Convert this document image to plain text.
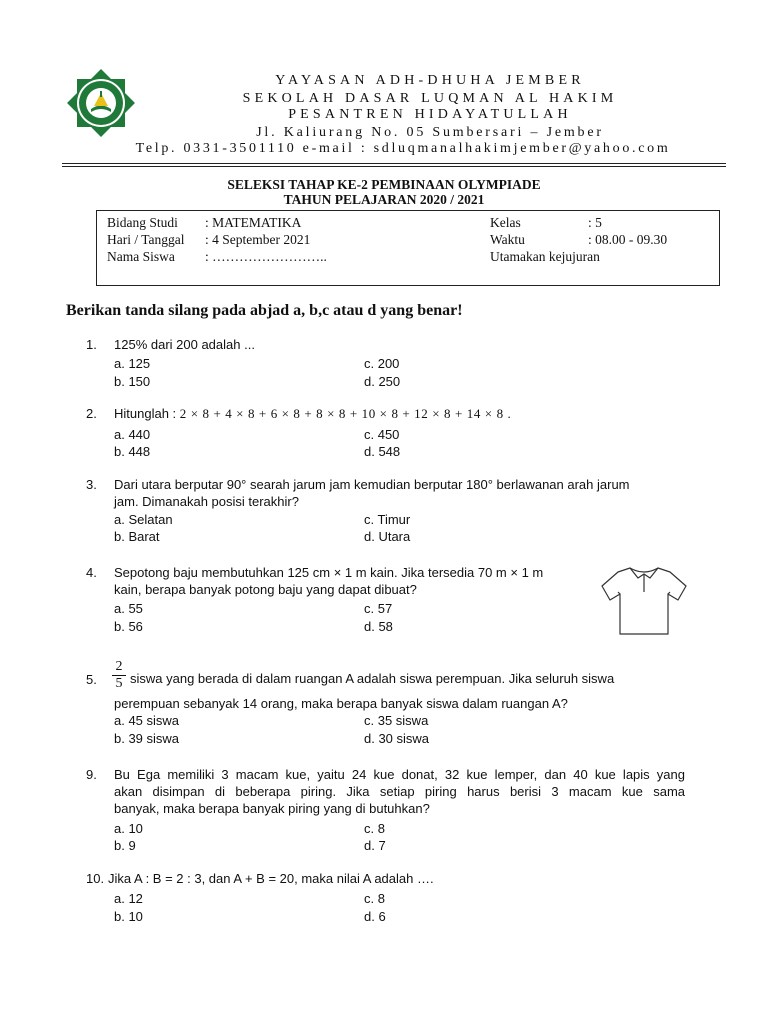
YAYASAN ADH-DHUHA JEMBER
SEKOLAH DASAR LUQMAN AL HAKIM
PESANTREN HIDAYATULLAH
Jl. Kaliurang No. 05 Sumbersari – Jember
Telp. 0331-3501110 e-mail : sdluqmanalhakimjember@yahoo.com
SELEKSI TAHAP KE-2 PEMBINAAN OLYMPIADE
TAHUN PELAJARAN 2020 / 2021
Bidang Studi : MATEMATIKA
Hari / Tanggal : 4 September 2021
Nama Siswa : ……………………..
Kelas	: 5
Waktu	: 08.00 - 09.30
Utamakan kejujuran
Berikan tanda silang pada abjad a, b,c atau d yang benar!
1. 125% dari 200 adalah ...
a. 125
b. 150
c. 200
d. 250
2. Hitunglah : 2 × 8 + 4 × 8 + 6 × 8 + 8 × 8 + 10 × 8 + 12 × 8 + 14 × 8 .
a. 440
b. 448
c. 450
d. 548
3. Dari utara berputar 90° searah jarum jam kemudian berputar 180° berlawanan arah jarum
jam. Dimanakah posisi terakhir?
a. Selatan
b. Barat
c. Timur
d. Utara
4. Sepotong baju membutuhkan 125 cm × 1 m kain. Jika tersedia 70 m × 1 m
kain, berapa banyak potong baju yang dapat dibuat?
a. 55
b. 56
c. 57
d. 58
5.
2
5 siswa yang berada di dalam ruangan A adalah siswa perempuan. Jika seluruh siswa
perempuan sebanyak 14 orang, maka berapa banyak siswa dalam ruangan A?
a. 45 siswa
b. 39 siswa
c. 35 siswa
d. 30 siswa
9. Bu Ega memiliki 3 macam kue, yaitu 24 kue donat, 32 kue lemper, dan 40 kue lapis yang
akan disimpan di beberapa piring. Jika setiap piring harus berisi 3 macam kue sama
banyak, maka berapa banyak piring yang di butuhkan?
a. 10
b. 9
c. 8
d. 7
10. Jika A : B = 2 : 3, dan A + B = 20, maka nilai A adalah ….
a. 12
b. 10
c. 8
d. 6
